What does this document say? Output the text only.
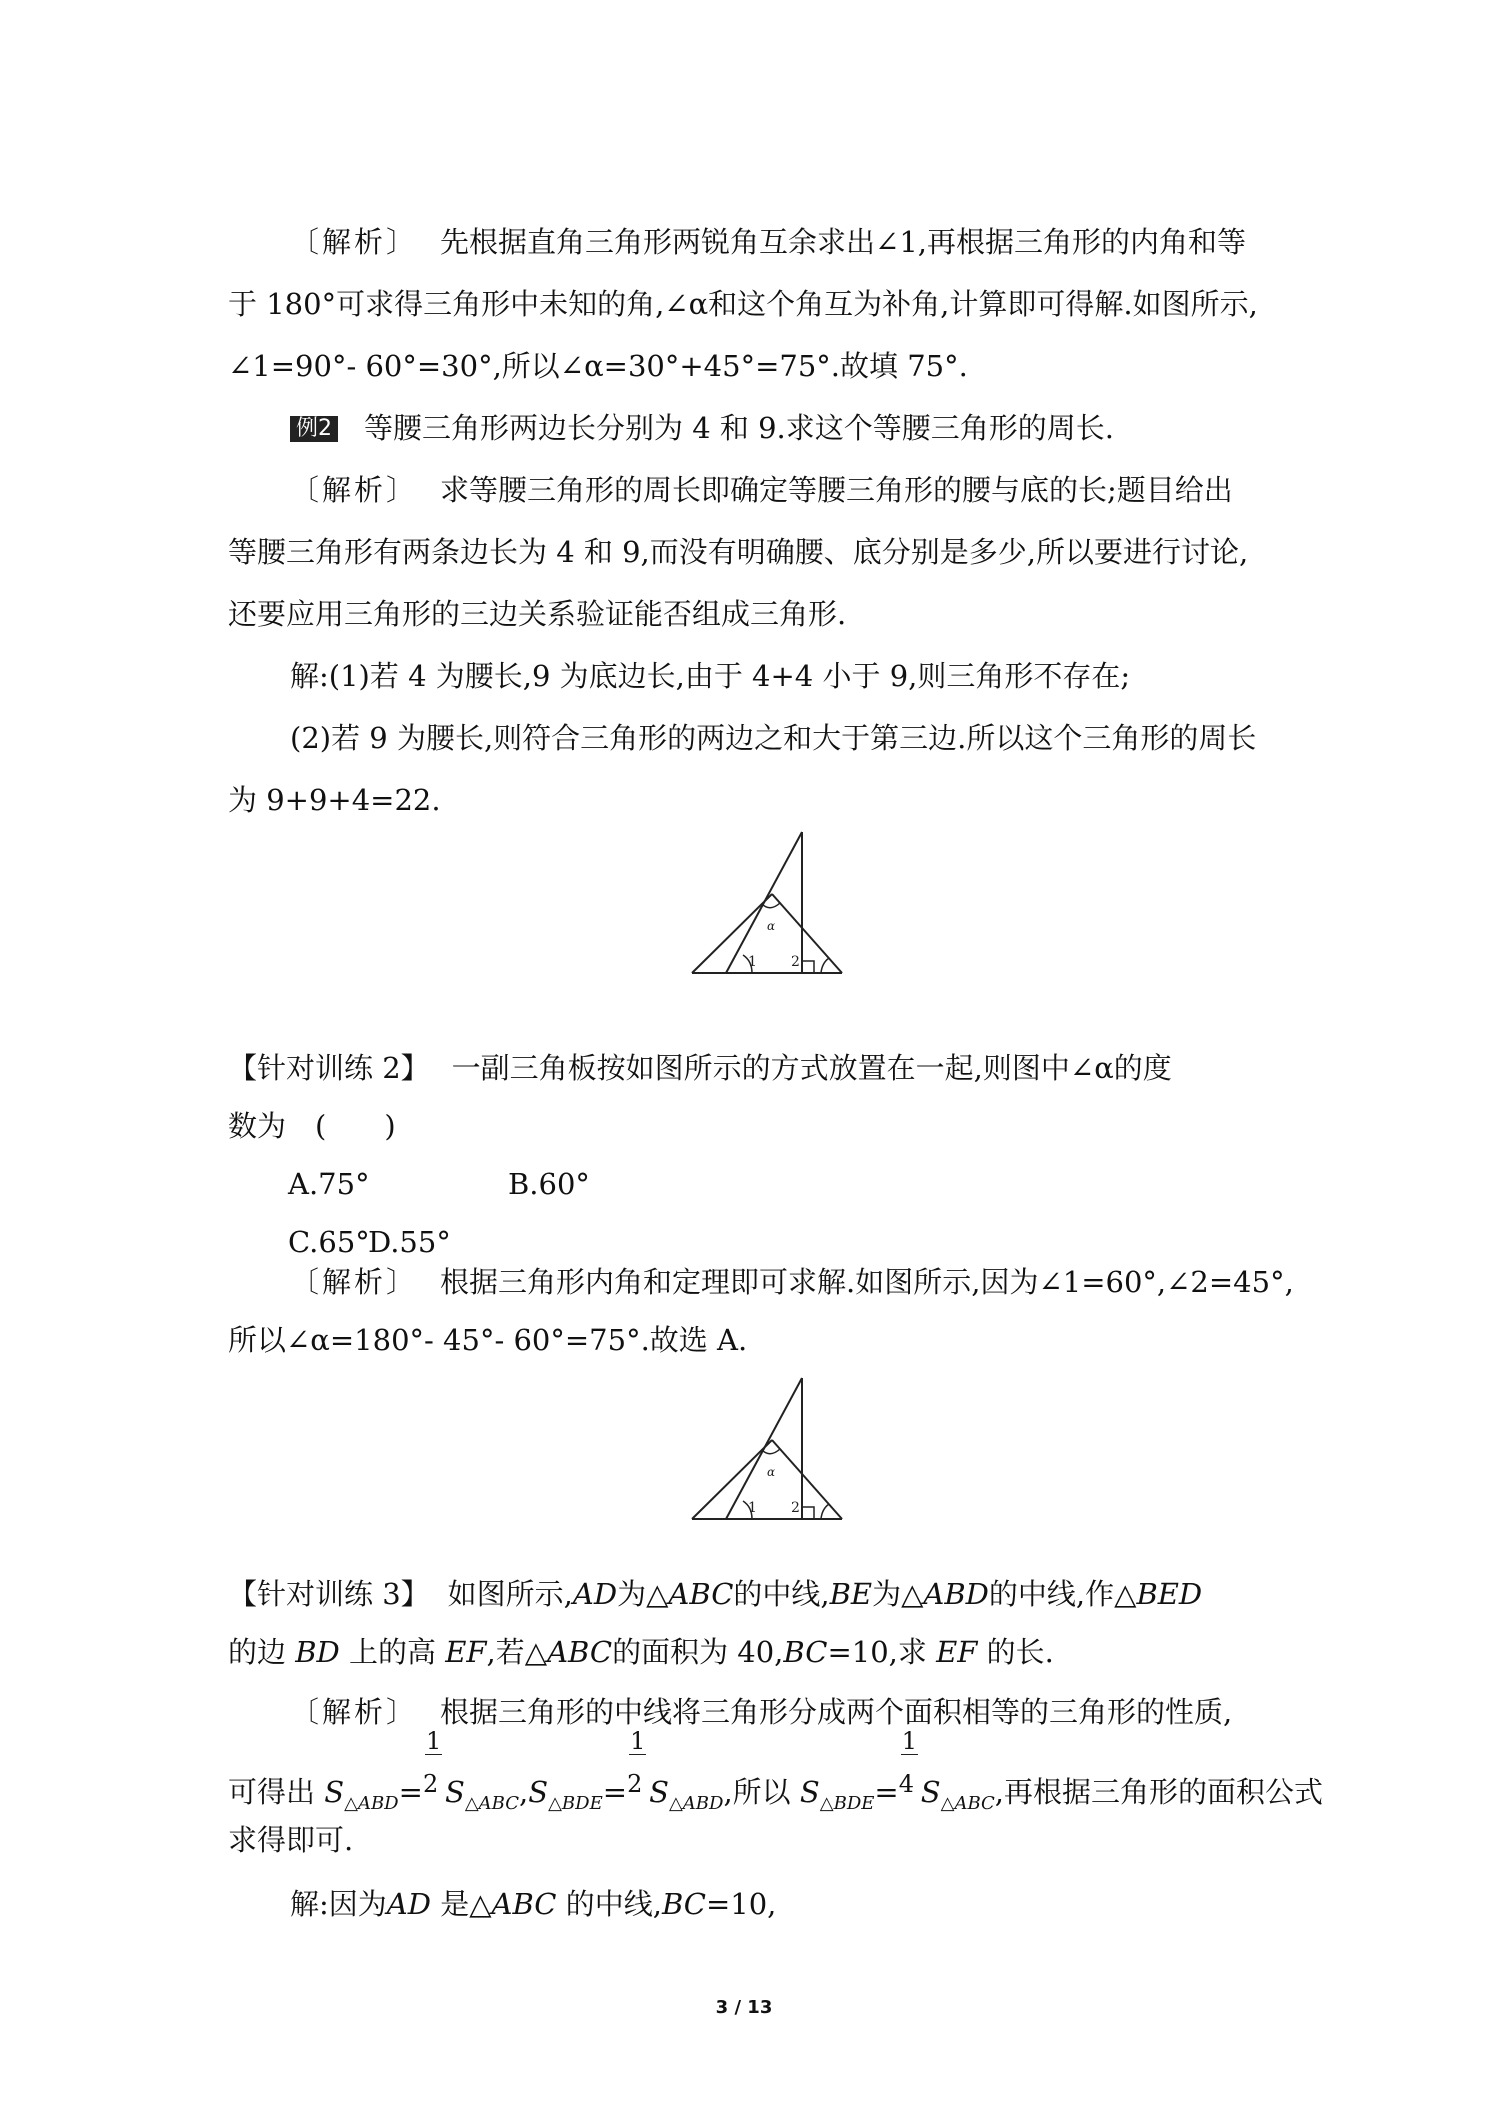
〔解析〕 先根据直角三角形两锐角互余求出∠1,再根据三角形的内角和等
于 180°可求得三角形中未知的角,∠α和这个角互为补角,计算即可得解.如图所示,
∠1=90°- 60°=30°,所以∠α=30°+45°=75°.故填 75°.
例2 等腰三角形两边长分别为 4 和 9.求这个等腰三角形的周长.
〔解析〕 求等腰三角形的周长即确定等腰三角形的腰与底的长;题目给出
等腰三角形有两条边长为 4 和 9,而没有明确腰、底分别是多少,所以要进行讨论,
还要应用三角形的三边关系验证能否组成三角形.
解:(1)若 4 为腰长,9 为底边长,由于 4+4 小于 9,则三角形不存在;
(2)若 9 为腰长,则符合三角形的两边之和大于第三边.所以这个三角形的周长
为 9+9+4=22.
α
1 2
【针对训练 2】 一副三角板按如图所示的方式放置在一起,则图中∠α的度
数为　(　　)
A.75°	B.60°
C.65°D.55°
〔解析〕 根据三角形内角和定理即可求解.如图所示,因为∠1=60°,∠2=45°,
所以∠α=180°- 45°- 60°=75°.故选 A.
α
1 2
【针对训练 3】 如图所示,AD为△ABC的中线,BE为△ABD的中线,作△BED
的边 BD 上的高 EF,若△ABC的面积为 40,BC=10,求 EF 的长.
〔解析〕 根据三角形的中线将三角形分成两个面积相等的三角形的性质,
可得出 $S_{\triangle ABD}= \frac{1}{^2}S_{\triangle ABC},S_{\triangle BDE}= \frac{1}{^2}S_{\triangle ABD}$,所以 $S_{\triangle BDE}= \frac{1}{^4}S_{\triangle ABC}$,再根据三角形的面积公式
求得即可.
解:因为AD 是△ABC 的中线,BC=10,
3 / 13
